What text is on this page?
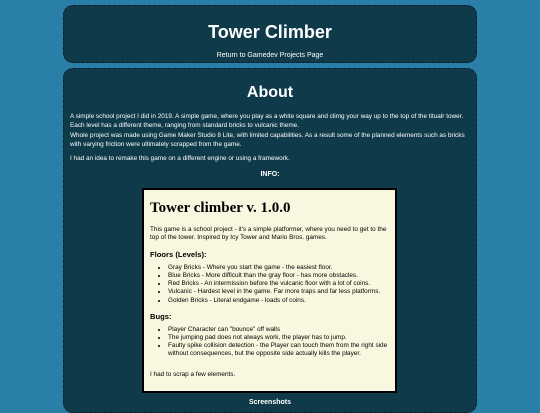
Tower Climber
Return to Gamedev Projects Page
About

A simple school project I did in 2019. A simple game, where you play as a white square and climg your way up to the top of the titualr tower. Each level has a different theme, ranging from standard bricks to vulcanic theme.

Whole project was made using Game Maker Studio 8 Lite, with limited capabilities. As a result some of the planned elements such as bricks with varying friction were ultimately scrapped from the game.

I had an idea to remake this game on a different engine or using a framework.

INFO:
Tower climber v. 1.0.0

This game is a school project - it's a simple platformer, where you need to get to the top of the tower. Inspired by Icy Tower and Mario Bros. games.

Floors (Levels):
• Gray Bricks - Where you start the game - the easiest floor.
• Blue Bricks - More difficult than the gray floor - has more obstacles.
• Red Bricks - An intermission before the vulcanic floor with a lot of coins.
• Vulcanic - Hardest level in the game. Far more traps and far less platforms.
• Golden Bricks - Literal endgame - loads of coins.
Bugs:
• Player Character can "bounce" off walls
• The jumping pad does not always work, the player has to jump.
• Faulty spike collision detection - the Player can touch them from the right side without consequences, but the opposite side actually kills the player.

I had to scrap a few elements.

Screenshots
